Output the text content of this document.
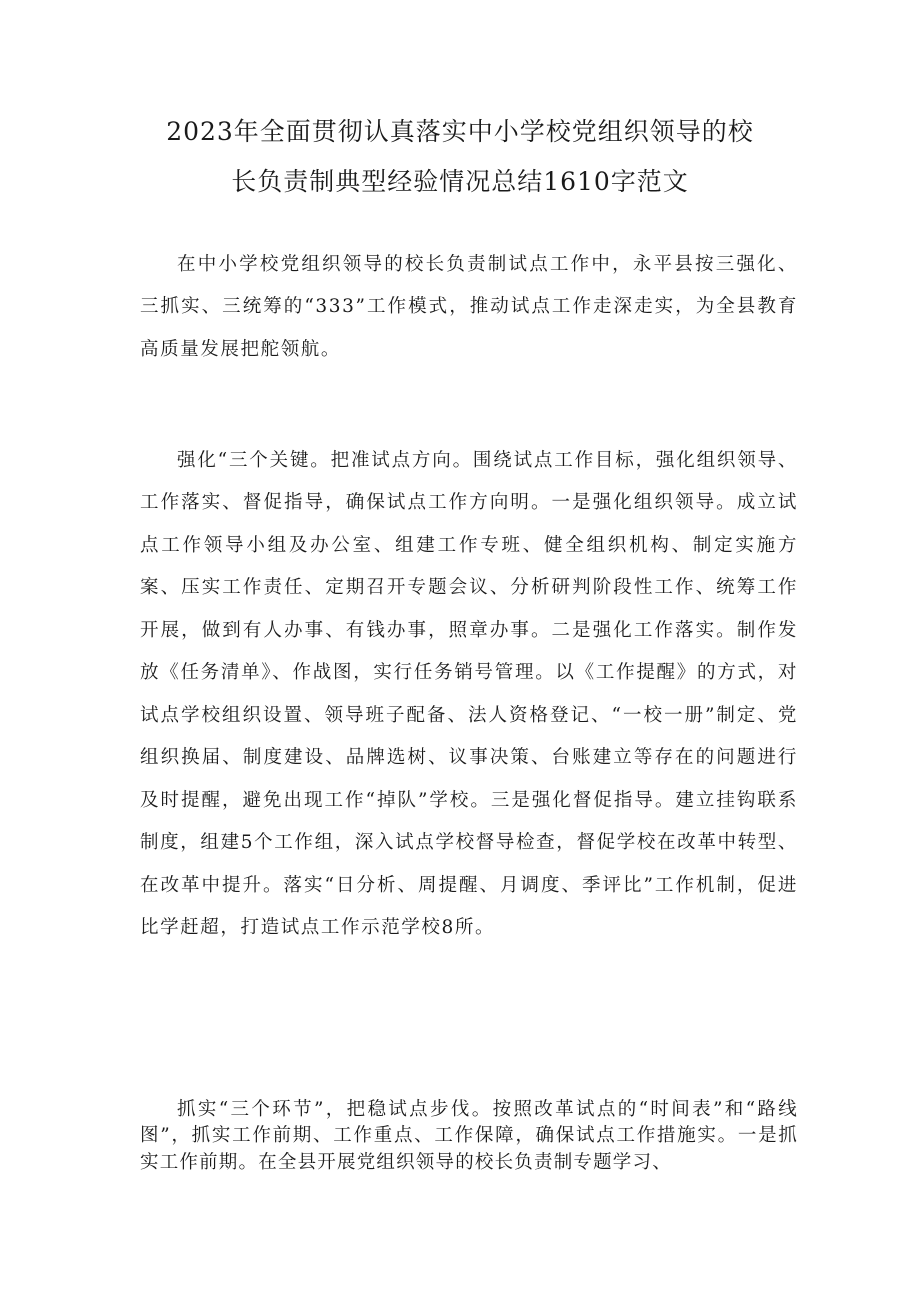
2023年全面贯彻认真落实中小学校党组织领导的校
长负责制典型经验情况总结1610字范文

在中小学校党组织领导的校长负责制试点工作中，永平县按三强化、三抓实、三统筹的“333”工作模式，推动试点工作走深走实，为全县教育高质量发展把舵领航。

强化“三个关键。把准试点方向。围绕试点工作目标，强化组织领导、工作落实、督促指导，确保试点工作方向明。一是强化组织领导。成立试点工作领导小组及办公室、组建工作专班、健全组织机构、制定实施方案、压实工作责任、定期召开专题会议、分析研判阶段性工作、统筹工作开展，做到有人办事、有钱办事，照章办事。二是强化工作落实。制作发放《任务清单》、作战图，实行任务销号管理。以《工作提醒》的方式，对试点学校组织设置、领导班子配备、法人资格登记、“一校一册”制定、党组织换届、制度建设、品牌选树、议事决策、台账建立等存在的问题进行及时提醒，避免出现工作“掉队”学校。三是强化督促指导。建立挂钩联系制度，组建5个工作组，深入试点学校督导检查，督促学校在改革中转型、在改革中提升。落实“日分析、周提醒、月调度、季评比”工作机制，促进比学赶超，打造试点工作示范学校8所。

抓实“三个环节”，把稳试点步伐。按照改革试点的“时间表”和“路线图”，抓实工作前期、工作重点、工作保障，确保试点工作措施实。一是抓实工作前期。在全县开展党组织领导的校长负责制专题学习、
